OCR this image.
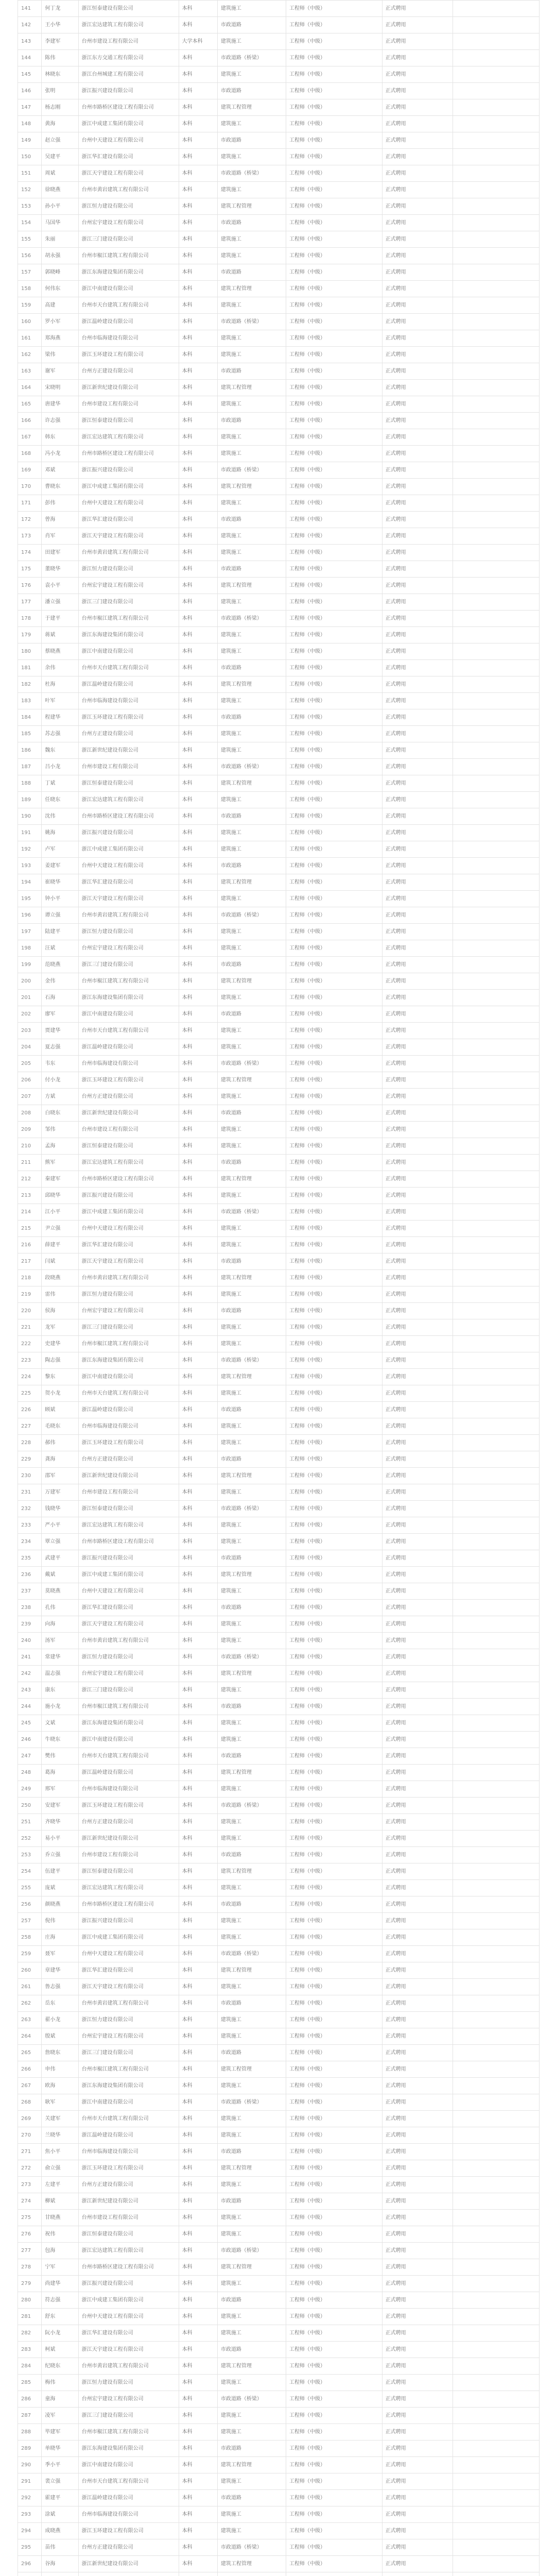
141	何丁龙	浙江恒泰建设有限公司	本科	建筑施工	工程师（中级）	正式聘用	
142	王小华	浙江宏达建筑工程有限公司	本科	市政道路	工程师（中级）	正式聘用	
143	李建军	台州市建设工程有限公司	大学本科	建筑施工	工程师（中级）	正式聘用	
144	陈伟	浙江东方交通工程有限公司	本科	市政道路（桥梁）	工程师（中级）	正式聘用	
145	林晓东	浙江台州城建工程有限公司	本科	建筑施工	工程师（中级）	正式聘用	
146	张明	浙江振兴建设有限公司	本科	市政道路	工程师（中级）	正式聘用	
147	杨志刚	台州市路桥区建设工程有限公司	本科	建筑工程管理	工程师（中级）	正式聘用	
148	黄海	浙江中成建工集团有限公司	本科	建筑施工	工程师（中级）	正式聘用	
149	赵立强	台州中天建设工程有限公司	本科	市政道路	工程师（中级）	正式聘用	
150	吴建平	浙江华汇建设有限公司	本科	建筑施工	工程师（中级）	正式聘用	
151	周斌	浙江天宇建设工程有限公司	本科	市政道路（桥梁）	工程师（中级）	正式聘用	
152	徐晓燕	台州市黄岩建筑工程有限公司	本科	建筑施工	工程师（中级）	正式聘用	
153	孙小平	浙江恒力建设有限公司	本科	建筑工程管理	工程师（中级）	正式聘用	
154	马国华	台州宏宇建设工程有限公司	本科	市政道路	工程师（中级）	正式聘用	
155	朱丽	浙江三门建设有限公司	本科	建筑施工	工程师（中级）	正式聘用	
156	胡永强	台州市椒江建筑工程有限公司	本科	建筑施工	工程师（中级）	正式聘用	
157	郭晓峰	浙江东海建设集团有限公司	本科	市政道路	工程师（中级）	正式聘用	
158	何伟东	浙江中南建设有限公司	本科	建筑工程管理	工程师（中级）	正式聘用	
159	高建	台州市天台建筑工程有限公司	本科	建筑施工	工程师（中级）	正式聘用	
160	罗小军	浙江温岭建设有限公司	本科	市政道路（桥梁）	工程师（中级）	正式聘用	
161	郑海燕	台州市临海建设有限公司	本科	建筑施工	工程师（中级）	正式聘用	
162	梁伟	浙江玉环建设工程有限公司	本科	建筑施工	工程师（中级）	正式聘用	
163	谢军	台州方正建设有限公司	本科	市政道路	工程师（中级）	正式聘用	
164	宋晓明	浙江新世纪建设有限公司	本科	建筑工程管理	工程师（中级）	正式聘用	
165	唐建华	台州市建设工程有限公司	本科	建筑施工	工程师（中级）	正式聘用	
166	许志强	浙江恒泰建设有限公司	本科	市政道路	工程师（中级）	正式聘用	
167	韩东	浙江宏达建筑工程有限公司	本科	建筑施工	工程师（中级）	正式聘用	
168	冯小龙	台州市路桥区建设工程有限公司	本科	建筑施工	工程师（中级）	正式聘用	
169	邓斌	浙江振兴建设有限公司	本科	市政道路（桥梁）	工程师（中级）	正式聘用	
170	曹晓东	浙江中成建工集团有限公司	本科	建筑工程管理	工程师（中级）	正式聘用	
171	彭伟	台州中天建设工程有限公司	本科	建筑施工	工程师（中级）	正式聘用	
172	曾海	浙江华汇建设有限公司	本科	市政道路	工程师（中级）	正式聘用	
173	肖军	浙江天宇建设工程有限公司	本科	建筑施工	工程师（中级）	正式聘用	
174	田建军	台州市黄岩建筑工程有限公司	本科	建筑施工	工程师（中级）	正式聘用	
175	董晓华	浙江恒力建设有限公司	本科	市政道路	工程师（中级）	正式聘用	
176	袁小平	台州宏宇建设工程有限公司	本科	建筑工程管理	工程师（中级）	正式聘用	
177	潘立强	浙江三门建设有限公司	本科	建筑施工	工程师（中级）	正式聘用	
178	于建平	台州市椒江建筑工程有限公司	本科	市政道路（桥梁）	工程师（中级）	正式聘用	
179	蒋斌	浙江东海建设集团有限公司	本科	建筑施工	工程师（中级）	正式聘用	
180	蔡晓燕	浙江中南建设有限公司	本科	建筑施工	工程师（中级）	正式聘用	
181	余伟	台州市天台建筑工程有限公司	本科	市政道路	工程师（中级）	正式聘用	
182	杜海	浙江温岭建设有限公司	本科	建筑工程管理	工程师（中级）	正式聘用	
183	叶军	台州市临海建设有限公司	本科	建筑施工	工程师（中级）	正式聘用	
184	程建华	浙江玉环建设工程有限公司	本科	市政道路	工程师（中级）	正式聘用	
185	苏志强	台州方正建设有限公司	本科	建筑施工	工程师（中级）	正式聘用	
186	魏东	浙江新世纪建设有限公司	本科	建筑施工	工程师（中级）	正式聘用	
187	吕小龙	台州市建设工程有限公司	本科	市政道路（桥梁）	工程师（中级）	正式聘用	
188	丁斌	浙江恒泰建设有限公司	本科	建筑工程管理	工程师（中级）	正式聘用	
189	任晓东	浙江宏达建筑工程有限公司	本科	建筑施工	工程师（中级）	正式聘用	
190	沈伟	台州市路桥区建设工程有限公司	本科	市政道路	工程师（中级）	正式聘用	
191	姚海	浙江振兴建设有限公司	本科	建筑施工	工程师（中级）	正式聘用	
192	卢军	浙江中成建工集团有限公司	本科	建筑施工	工程师（中级）	正式聘用	
193	姜建军	台州中天建设工程有限公司	本科	市政道路	工程师（中级）	正式聘用	
194	崔晓华	浙江华汇建设有限公司	本科	建筑工程管理	工程师（中级）	正式聘用	
195	钟小平	浙江天宇建设工程有限公司	本科	建筑施工	工程师（中级）	正式聘用	
196	谭立强	台州市黄岩建筑工程有限公司	本科	市政道路（桥梁）	工程师（中级）	正式聘用	
197	陆建平	浙江恒力建设有限公司	本科	建筑施工	工程师（中级）	正式聘用	
198	汪斌	台州宏宇建设工程有限公司	本科	建筑施工	工程师（中级）	正式聘用	
199	范晓燕	浙江三门建设有限公司	本科	市政道路	工程师（中级）	正式聘用	
200	金伟	台州市椒江建筑工程有限公司	本科	建筑工程管理	工程师（中级）	正式聘用	
201	石海	浙江东海建设集团有限公司	本科	建筑施工	工程师（中级）	正式聘用	
202	廖军	浙江中南建设有限公司	本科	市政道路	工程师（中级）	正式聘用	
203	贾建华	台州市天台建筑工程有限公司	本科	建筑施工	工程师（中级）	正式聘用	
204	夏志强	浙江温岭建设有限公司	本科	建筑施工	工程师（中级）	正式聘用	
205	韦东	台州市临海建设有限公司	本科	市政道路（桥梁）	工程师（中级）	正式聘用	
206	付小龙	浙江玉环建设工程有限公司	本科	建筑工程管理	工程师（中级）	正式聘用	
207	方斌	台州方正建设有限公司	本科	建筑施工	工程师（中级）	正式聘用	
208	白晓东	浙江新世纪建设有限公司	本科	市政道路	工程师（中级）	正式聘用	
209	邹伟	台州市建设工程有限公司	本科	建筑施工	工程师（中级）	正式聘用	
210	孟海	浙江恒泰建设有限公司	本科	建筑施工	工程师（中级）	正式聘用	
211	熊军	浙江宏达建筑工程有限公司	本科	市政道路	工程师（中级）	正式聘用	
212	秦建军	台州市路桥区建设工程有限公司	本科	建筑工程管理	工程师（中级）	正式聘用	
213	邱晓华	浙江振兴建设有限公司	本科	建筑施工	工程师（中级）	正式聘用	
214	江小平	浙江中成建工集团有限公司	本科	市政道路（桥梁）	工程师（中级）	正式聘用	
215	尹立强	台州中天建设工程有限公司	本科	建筑施工	工程师（中级）	正式聘用	
216	薛建平	浙江华汇建设有限公司	本科	建筑施工	工程师（中级）	正式聘用	
217	闫斌	浙江天宇建设工程有限公司	本科	市政道路	工程师（中级）	正式聘用	
218	段晓燕	台州市黄岩建筑工程有限公司	本科	建筑工程管理	工程师（中级）	正式聘用	
219	雷伟	浙江恒力建设有限公司	本科	建筑施工	工程师（中级）	正式聘用	
220	侯海	台州宏宇建设工程有限公司	本科	市政道路	工程师（中级）	正式聘用	
221	龙军	浙江三门建设有限公司	本科	建筑施工	工程师（中级）	正式聘用	
222	史建华	台州市椒江建筑工程有限公司	本科	建筑施工	工程师（中级）	正式聘用	
223	陶志强	浙江东海建设集团有限公司	本科	市政道路（桥梁）	工程师（中级）	正式聘用	
224	黎东	浙江中南建设有限公司	本科	建筑工程管理	工程师（中级）	正式聘用	
225	贺小龙	台州市天台建筑工程有限公司	本科	建筑施工	工程师（中级）	正式聘用	
226	顾斌	浙江温岭建设有限公司	本科	市政道路	工程师（中级）	正式聘用	
227	毛晓东	台州市临海建设有限公司	本科	建筑施工	工程师（中级）	正式聘用	
228	郝伟	浙江玉环建设工程有限公司	本科	建筑施工	工程师（中级）	正式聘用	
229	龚海	台州方正建设有限公司	本科	市政道路	工程师（中级）	正式聘用	
230	邵军	浙江新世纪建设有限公司	本科	建筑工程管理	工程师（中级）	正式聘用	
231	万建军	台州市建设工程有限公司	本科	建筑施工	工程师（中级）	正式聘用	
232	钱晓华	浙江恒泰建设有限公司	本科	市政道路（桥梁）	工程师（中级）	正式聘用	
233	严小平	浙江宏达建筑工程有限公司	本科	建筑施工	工程师（中级）	正式聘用	
234	覃立强	台州市路桥区建设工程有限公司	本科	建筑施工	工程师（中级）	正式聘用	
235	武建平	浙江振兴建设有限公司	本科	市政道路	工程师（中级）	正式聘用	
236	戴斌	浙江中成建工集团有限公司	本科	建筑工程管理	工程师（中级）	正式聘用	
237	莫晓燕	台州中天建设工程有限公司	本科	建筑施工	工程师（中级）	正式聘用	
238	孔伟	浙江华汇建设有限公司	本科	市政道路	工程师（中级）	正式聘用	
239	向海	浙江天宇建设工程有限公司	本科	建筑施工	工程师（中级）	正式聘用	
240	汤军	台州市黄岩建筑工程有限公司	本科	建筑施工	工程师（中级）	正式聘用	
241	常建华	浙江恒力建设有限公司	本科	市政道路（桥梁）	工程师（中级）	正式聘用	
242	温志强	台州宏宇建设工程有限公司	本科	建筑工程管理	工程师（中级）	正式聘用	
243	康东	浙江三门建设有限公司	本科	建筑施工	工程师（中级）	正式聘用	
244	施小龙	台州市椒江建筑工程有限公司	本科	市政道路	工程师（中级）	正式聘用	
245	文斌	浙江东海建设集团有限公司	本科	建筑施工	工程师（中级）	正式聘用	
246	牛晓东	浙江中南建设有限公司	本科	建筑施工	工程师（中级）	正式聘用	
247	樊伟	台州市天台建筑工程有限公司	本科	市政道路	工程师（中级）	正式聘用	
248	葛海	浙江温岭建设有限公司	本科	建筑工程管理	工程师（中级）	正式聘用	
249	邢军	台州市临海建设有限公司	本科	建筑施工	工程师（中级）	正式聘用	
250	安建军	浙江玉环建设工程有限公司	本科	市政道路（桥梁）	工程师（中级）	正式聘用	
251	齐晓华	台州方正建设有限公司	本科	建筑施工	工程师（中级）	正式聘用	
252	易小平	浙江新世纪建设有限公司	本科	建筑施工	工程师（中级）	正式聘用	
253	乔立强	台州市建设工程有限公司	本科	市政道路	工程师（中级）	正式聘用	
254	伍建平	浙江恒泰建设有限公司	本科	建筑工程管理	工程师（中级）	正式聘用	
255	庞斌	浙江宏达建筑工程有限公司	本科	建筑施工	工程师（中级）	正式聘用	
256	颜晓燕	台州市路桥区建设工程有限公司	本科	市政道路	工程师（中级）	正式聘用	
257	倪伟	浙江振兴建设有限公司	本科	建筑施工	工程师（中级）	正式聘用	
258	庄海	浙江中成建工集团有限公司	本科	建筑施工	工程师（中级）	正式聘用	
259	聂军	台州中天建设工程有限公司	本科	市政道路（桥梁）	工程师（中级）	正式聘用	
260	章建华	浙江华汇建设有限公司	本科	建筑工程管理	工程师（中级）	正式聘用	
261	鲁志强	浙江天宇建设工程有限公司	本科	建筑施工	工程师（中级）	正式聘用	
262	岳东	台州市黄岩建筑工程有限公司	本科	市政道路	工程师（中级）	正式聘用	
263	翟小龙	浙江恒力建设有限公司	本科	建筑施工	工程师（中级）	正式聘用	
264	殷斌	台州宏宇建设工程有限公司	本科	建筑施工	工程师（中级）	正式聘用	
265	詹晓东	浙江三门建设有限公司	本科	市政道路	工程师（中级）	正式聘用	
266	申伟	台州市椒江建筑工程有限公司	本科	建筑工程管理	工程师（中级）	正式聘用	
267	欧海	浙江东海建设集团有限公司	本科	建筑施工	工程师（中级）	正式聘用	
268	耿军	浙江中南建设有限公司	本科	市政道路（桥梁）	工程师（中级）	正式聘用	
269	关建军	台州市天台建筑工程有限公司	本科	建筑施工	工程师（中级）	正式聘用	
270	兰晓华	浙江温岭建设有限公司	本科	建筑施工	工程师（中级）	正式聘用	
271	焦小平	台州市临海建设有限公司	本科	市政道路	工程师（中级）	正式聘用	
272	俞立强	浙江玉环建设工程有限公司	本科	建筑工程管理	工程师（中级）	正式聘用	
273	左建平	台州方正建设有限公司	本科	建筑施工	工程师（中级）	正式聘用	
274	柳斌	浙江新世纪建设有限公司	本科	市政道路	工程师（中级）	正式聘用	
275	甘晓燕	台州市建设工程有限公司	本科	建筑施工	工程师（中级）	正式聘用	
276	祝伟	浙江恒泰建设有限公司	本科	建筑施工	工程师（中级）	正式聘用	
277	包海	浙江宏达建筑工程有限公司	本科	市政道路（桥梁）	工程师（中级）	正式聘用	
278	宁军	台州市路桥区建设工程有限公司	本科	建筑工程管理	工程师（中级）	正式聘用	
279	尚建华	浙江振兴建设有限公司	本科	建筑施工	工程师（中级）	正式聘用	
280	符志强	浙江中成建工集团有限公司	本科	市政道路	工程师（中级）	正式聘用	
281	舒东	台州中天建设工程有限公司	本科	建筑施工	工程师（中级）	正式聘用	
282	阮小龙	浙江华汇建设有限公司	本科	建筑施工	工程师（中级）	正式聘用	
283	柯斌	浙江天宇建设工程有限公司	本科	市政道路	工程师（中级）	正式聘用	
284	纪晓东	台州市黄岩建筑工程有限公司	本科	建筑工程管理	工程师（中级）	正式聘用	
285	梅伟	浙江恒力建设有限公司	本科	建筑施工	工程师（中级）	正式聘用	
286	童海	台州宏宇建设工程有限公司	本科	市政道路（桥梁）	工程师（中级）	正式聘用	
287	凌军	浙江三门建设有限公司	本科	建筑施工	工程师（中级）	正式聘用	
288	毕建军	台州市椒江建筑工程有限公司	本科	建筑施工	工程师（中级）	正式聘用	
289	单晓华	浙江东海建设集团有限公司	本科	市政道路	工程师（中级）	正式聘用	
290	季小平	浙江中南建设有限公司	本科	建筑工程管理	工程师（中级）	正式聘用	
291	裴立强	台州市天台建筑工程有限公司	本科	建筑施工	工程师（中级）	正式聘用	
292	霍建平	浙江温岭建设有限公司	本科	市政道路	工程师（中级）	正式聘用	
293	涂斌	台州市临海建设有限公司	本科	建筑施工	工程师（中级）	正式聘用	
294	成晓燕	浙江玉环建设工程有限公司	本科	建筑施工	工程师（中级）	正式聘用	
295	苗伟	台州方正建设有限公司	本科	市政道路（桥梁）	工程师（中级）	正式聘用	
296	谷海	浙江新世纪建设有限公司	本科	建筑工程管理	工程师（中级）	正式聘用	
